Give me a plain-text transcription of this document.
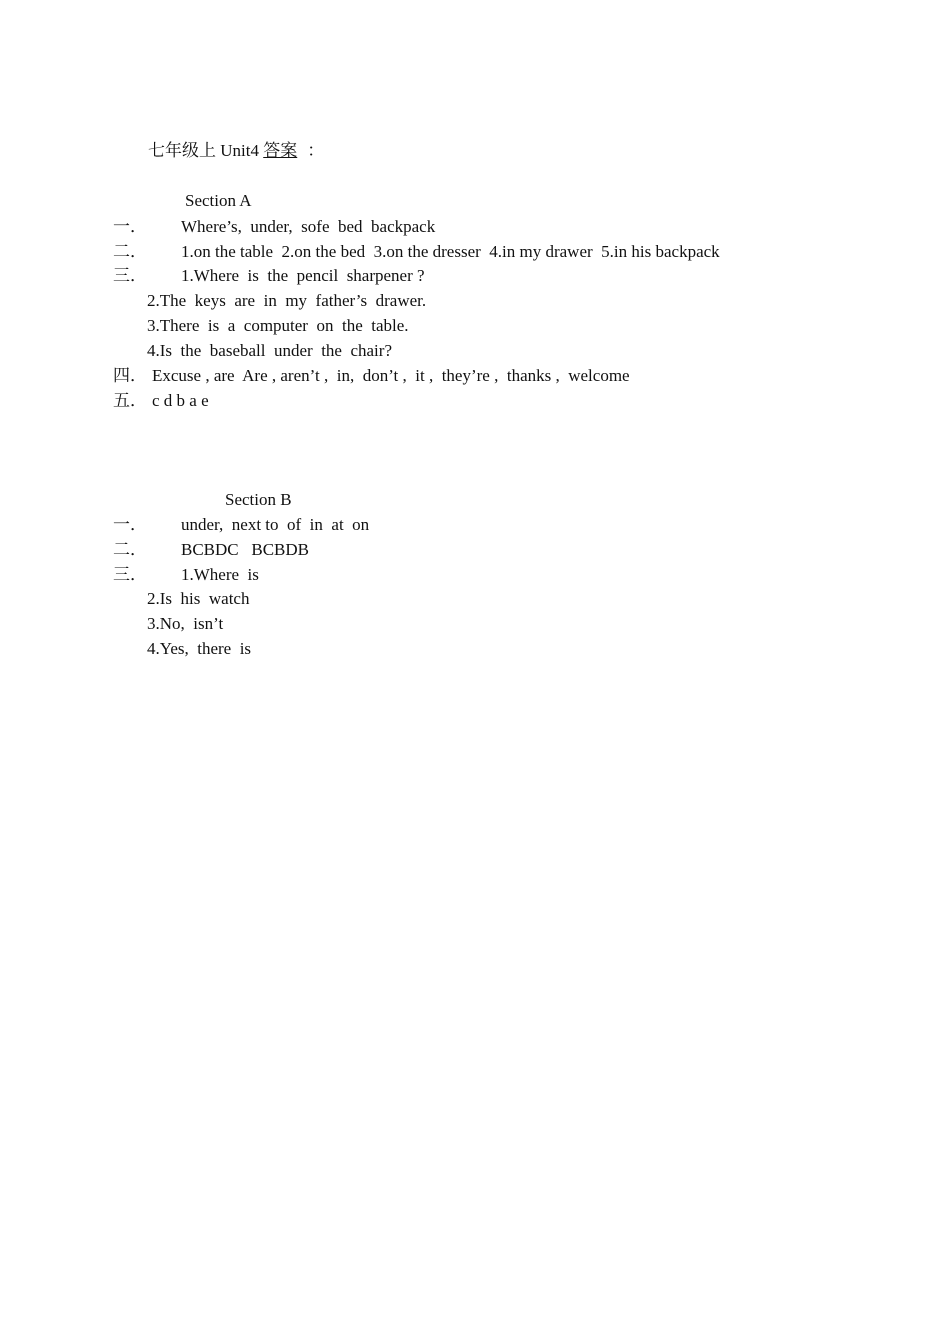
七年级上 Unit4 答案 ：
Section A
一． Where’s,  under,  sofe  bed  backpack
二． 1.on the table  2.on the bed  3.on the dresser  4.in my drawer  5.in his backpack
三． 1.Where  is  the  pencil  sharpener ?
2.The  keys  are  in  my  father’s  drawer.
3.There  is  a  computer  on  the  table.
4.Is  the  baseball  under  the  chair?
四． Excuse , are  Are , aren’t ,  in,  don’t ,  it ,  they’re ,  thanks ,  welcome
五． c d b a e
Section B
一． under,  next to  of  in  at  on
二． BCBDC   BCBDB
三． 1.Where  is
2.Is  his  watch
3.No,  isn’t
4.Yes,  there  is
